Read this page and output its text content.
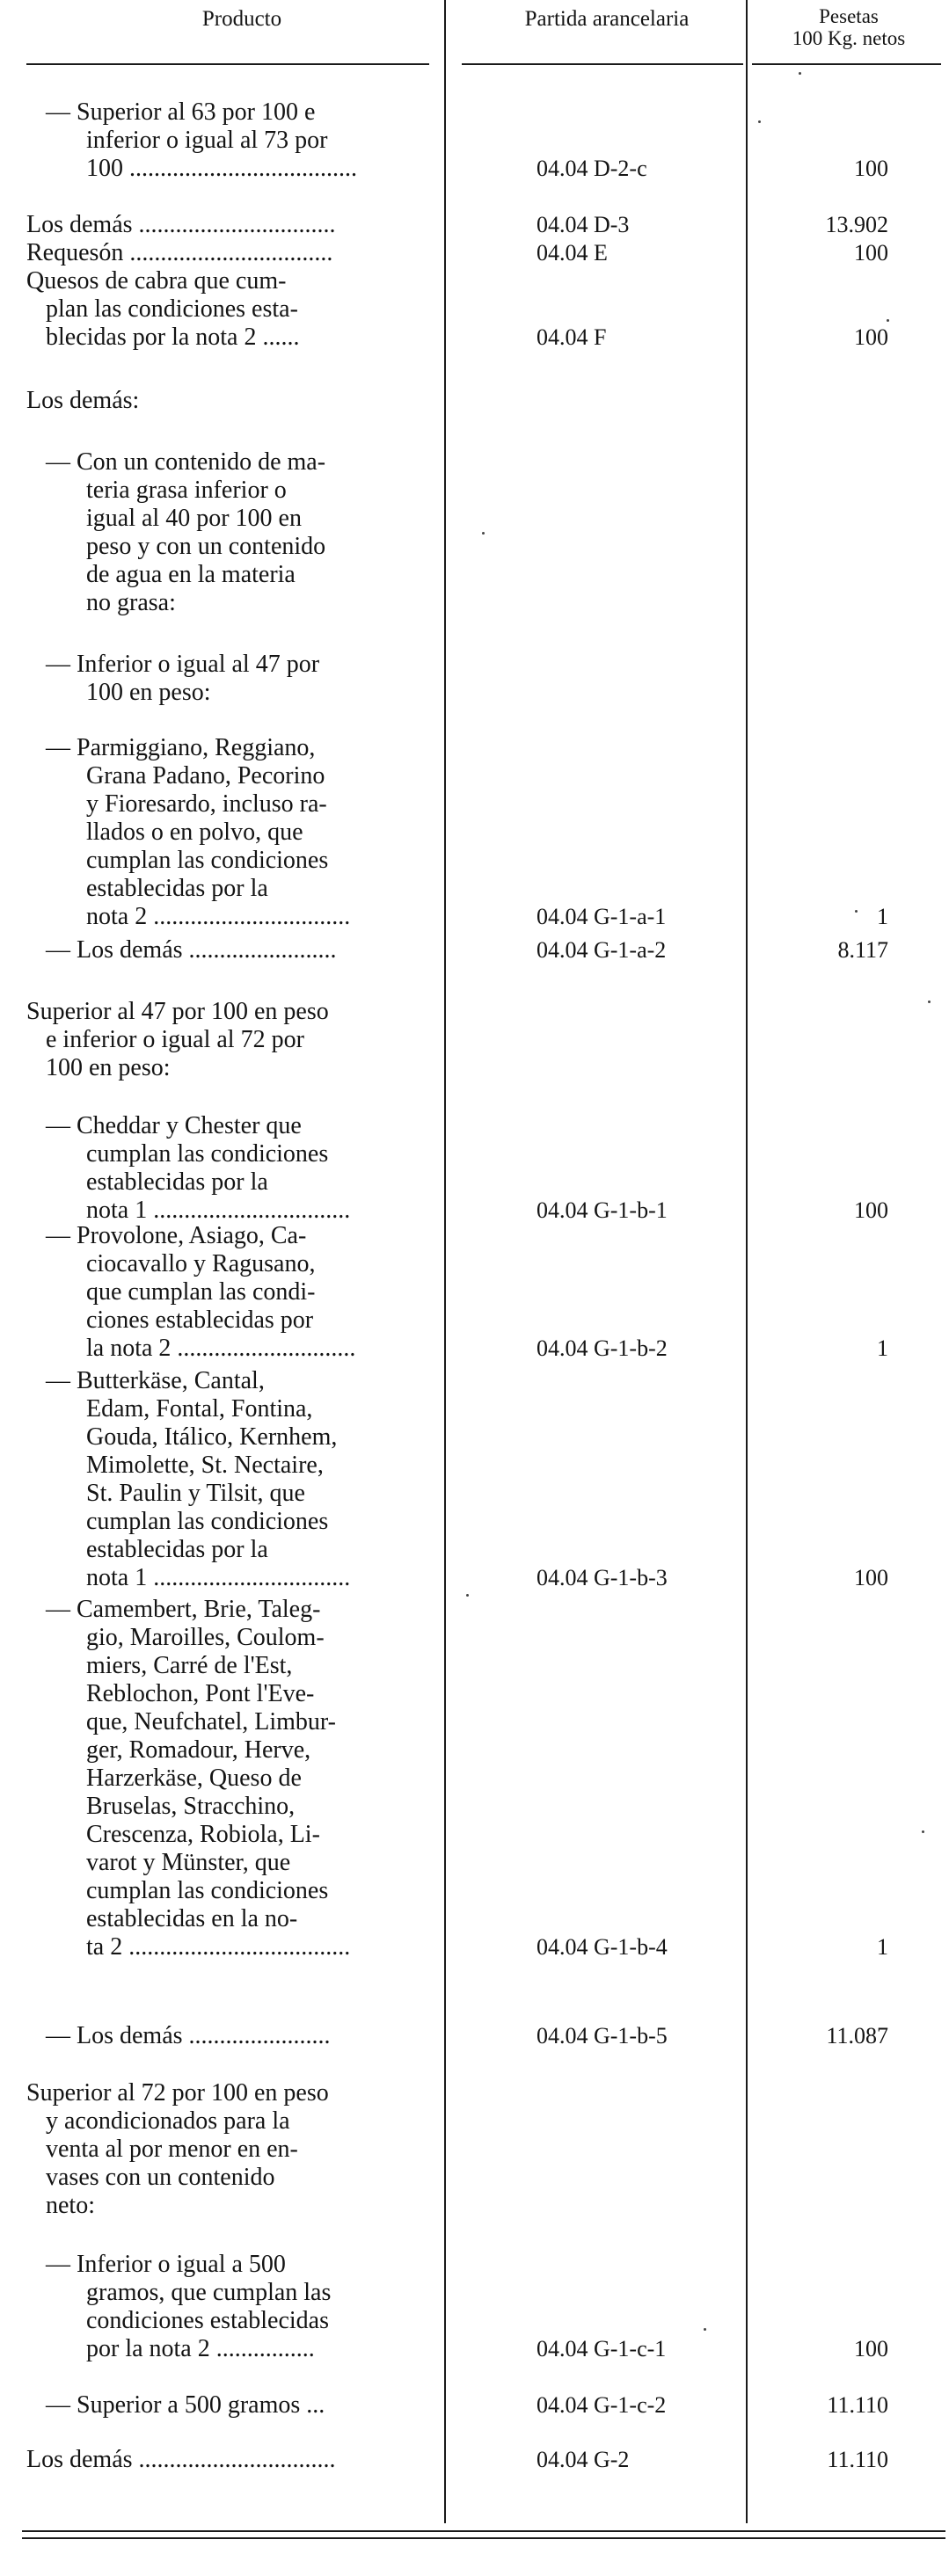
Producto	Partida arancelaria	Pesetas
100 Kg. netos
— Superior al 63 por 100 e
inferior o igual al 73 por
100 .....................................	04.04 D-2-c	100
Los demás ................................	04.04 D-3	13.902
Requesón .................................	04.04 E	100
Quesos de cabra que cum-
plan las condiciones esta-
blecidas por la nota 2 ......	04.04 F	100
Los demás:
— Con un contenido de ma-
teria grasa inferior o
igual al 40 por 100 en
peso y con un contenido
de agua en la materia
no grasa:
— Inferior o igual al 47 por
100 en peso:
— Parmiggiano, Reggiano,
Grana Padano, Pecorino
y Fioresardo, incluso ra-
llados o en polvo, que
cumplan las condiciones
establecidas por la
nota 2 ................................	04.04 G-1-a-1	1
— Los demás ........................	04.04 G-1-a-2	8.117
Superior al 47 por 100 en peso
e inferior o igual al 72 por
100 en peso:
— Cheddar y Chester que
cumplan las condiciones
establecidas por la
nota 1 ................................	04.04 G-1-b-1	100
— Provolone, Asiago, Ca-
ciocavallo y Ragusano,
que cumplan las condi-
ciones establecidas por
la nota 2 .............................	04.04 G-1-b-2	1
— Butterkäse, Cantal,
Edam, Fontal, Fontina,
Gouda, Itálico, Kernhem,
Mimolette, St. Nectaire,
St. Paulin y Tilsit, que
cumplan las condiciones
establecidas por la
nota 1 ................................	04.04 G-1-b-3	100
— Camembert, Brie, Taleg-
gio, Maroilles, Coulom-
miers, Carré de l'Est,
Reblochon, Pont l'Eve-
que, Neufchatel, Limbur-
ger, Romadour, Herve,
Harzerkäse, Queso de
Bruselas, Stracchino,
Crescenza, Robiola, Li-
varot y Münster, que
cumplan las condiciones
establecidas en la no-
ta 2 ....................................	04.04 G-1-b-4	1
— Los demás .......................	04.04 G-1-b-5	11.087
Superior al 72 por 100 en peso
y acondicionados para la
venta al por menor en en-
vases con un contenido
neto:
— Inferior o igual a 500
gramos, que cumplan las
condiciones establecidas
por la nota 2 ................	04.04 G-1-c-1	100
— Superior a 500 gramos ...	04.04 G-1-c-2	11.110
Los demás ................................	04.04 G-2	11.110
